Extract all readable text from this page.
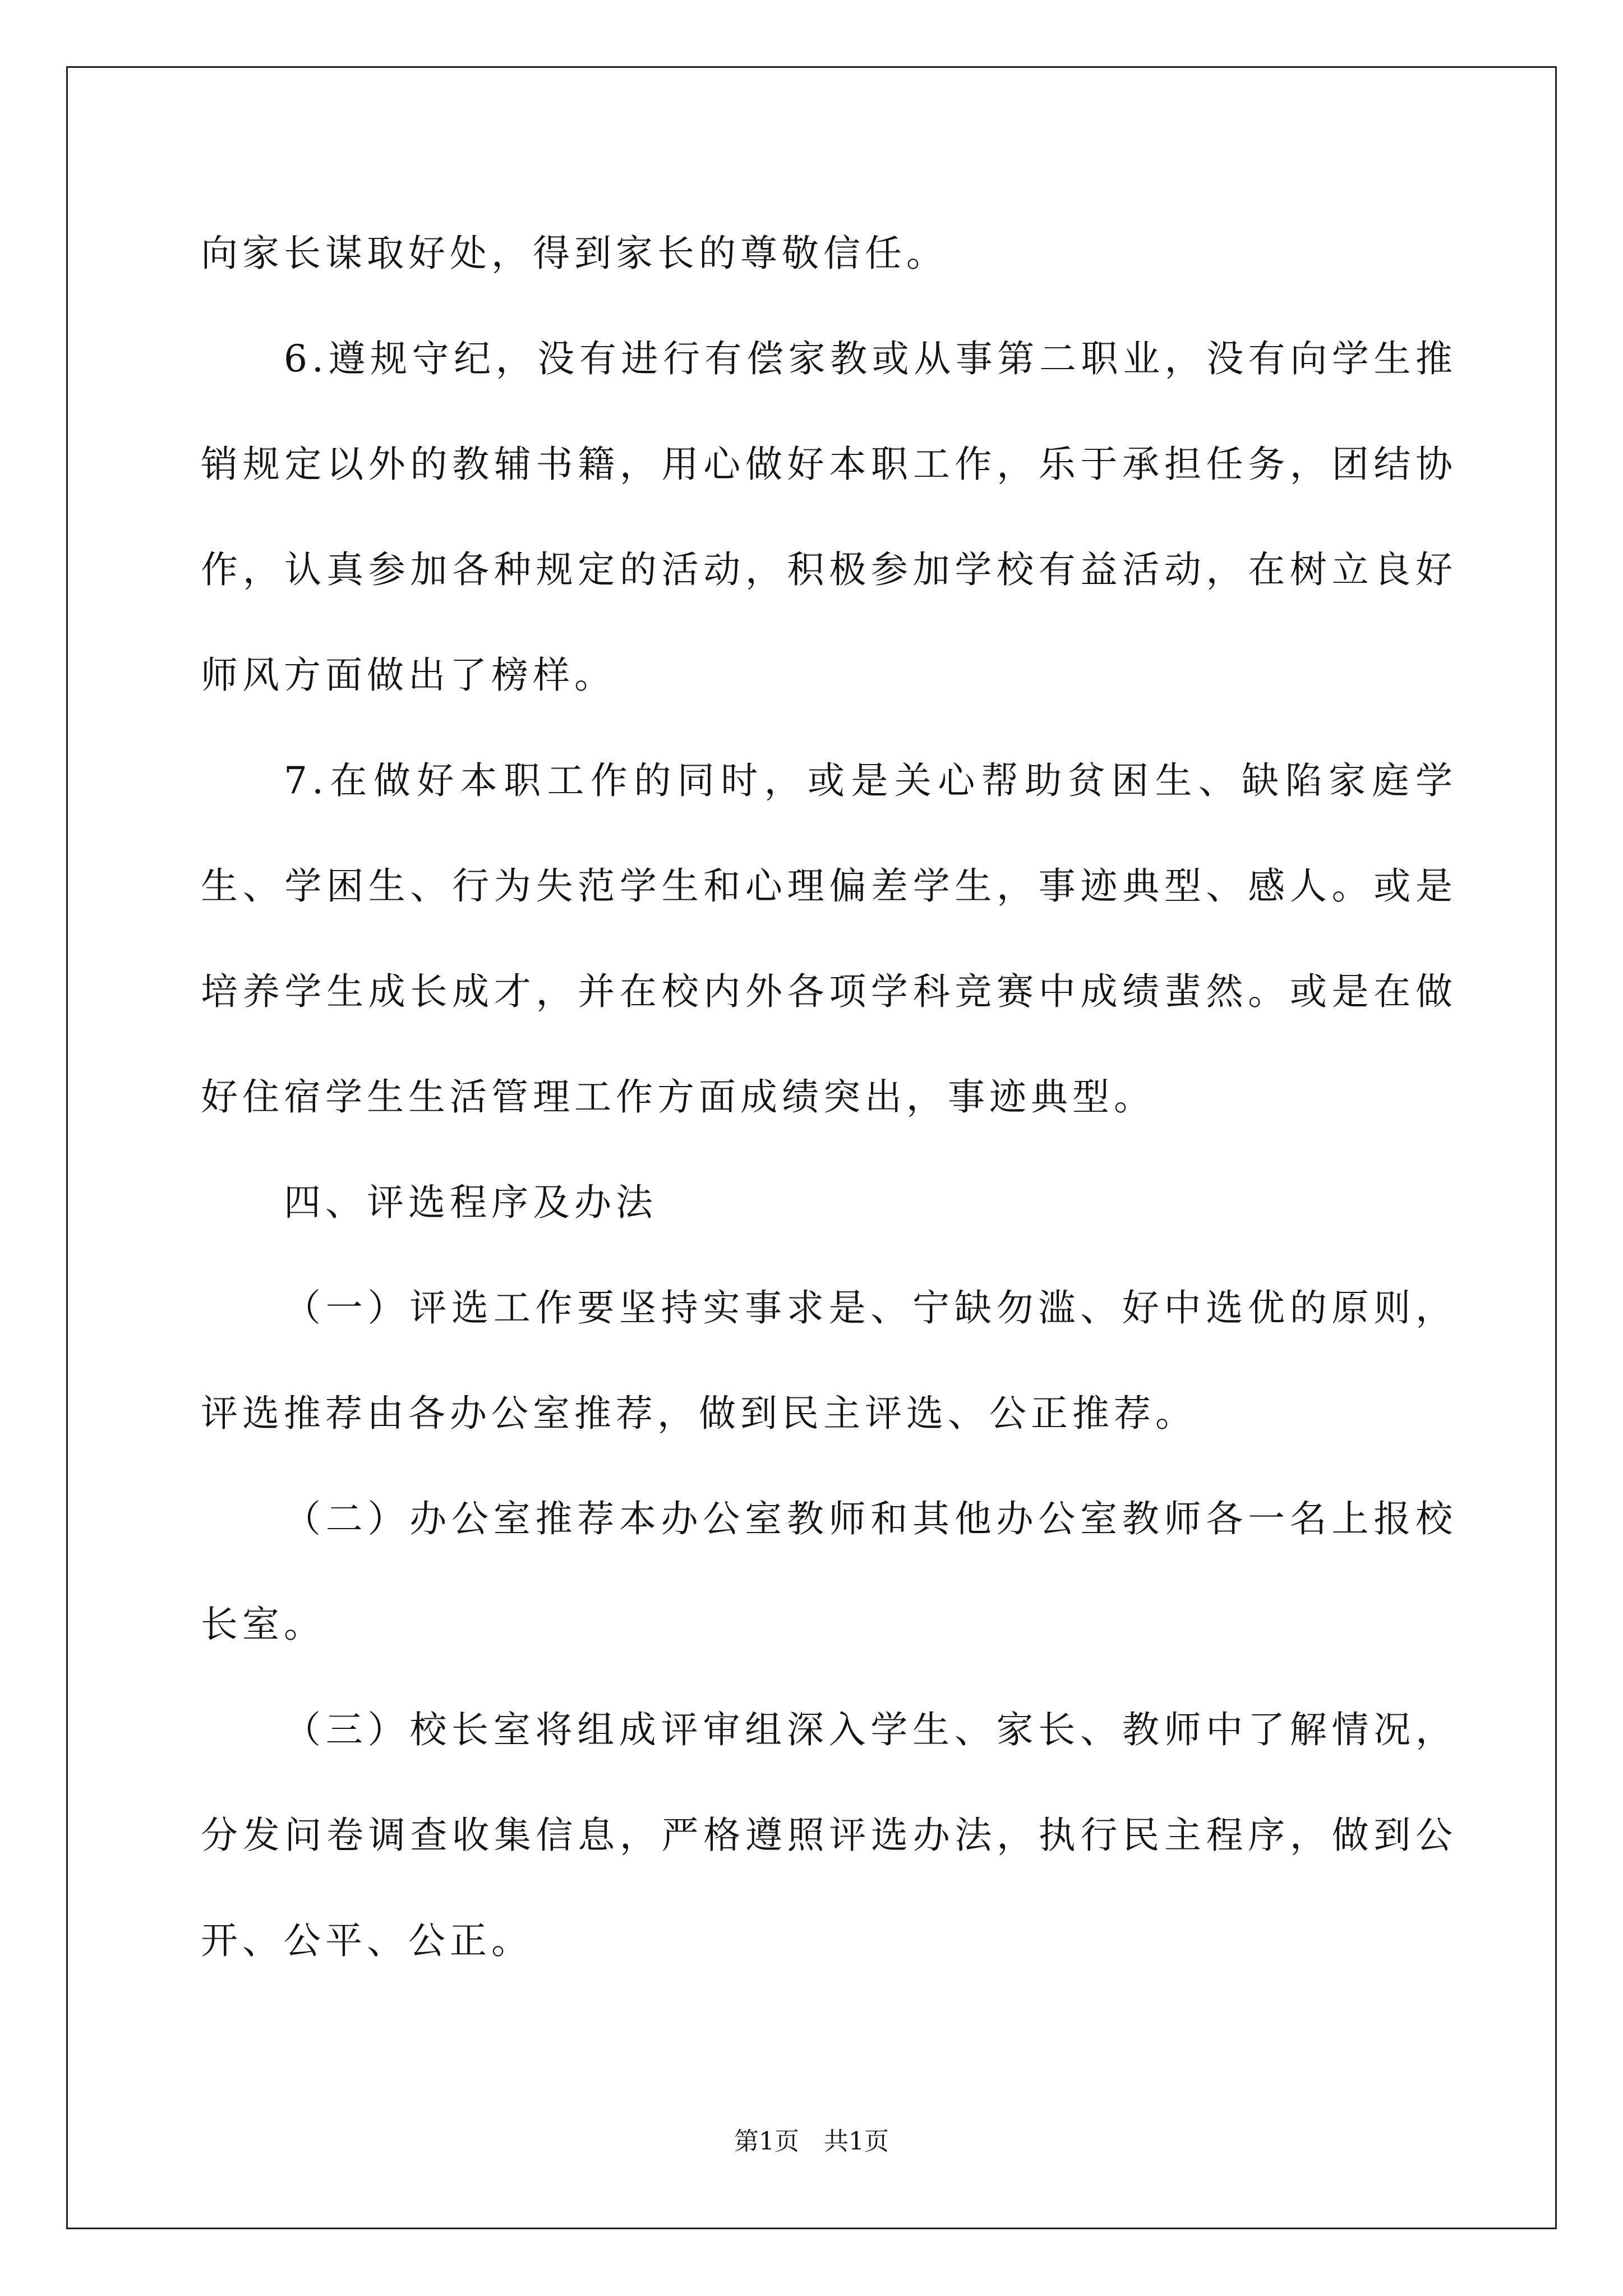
向家长谋取好处，得到家长的尊敬信任。

6.遵规守纪，没有进行有偿家教或从事第二职业，没有向学生推销规定以外的教辅书籍，用心做好本职工作，乐于承担任务，团结协作，认真参加各种规定的活动，积极参加学校有益活动，在树立良好师风方面做出了榜样。

7.在做好本职工作的同时，或是关心帮助贫困生、缺陷家庭学生、学困生、行为失范学生和心理偏差学生，事迹典型、感人。或是培养学生成长成才，并在校内外各项学科竞赛中成绩蜚然。或是在做好住宿学生生活管理工作方面成绩突出，事迹典型。

四、评选程序及办法

（一）评选工作要坚持实事求是、宁缺勿滥、好中选优的原则，评选推荐由各办公室推荐，做到民主评选、公正推荐。

（二）办公室推荐本办公室教师和其他办公室教师各一名上报校长室。

（三）校长室将组成评审组深入学生、家长、教师中了解情况，分发问卷调查收集信息，严格遵照评选办法，执行民主程序，做到公开、公平、公正。

第1页　共1页
